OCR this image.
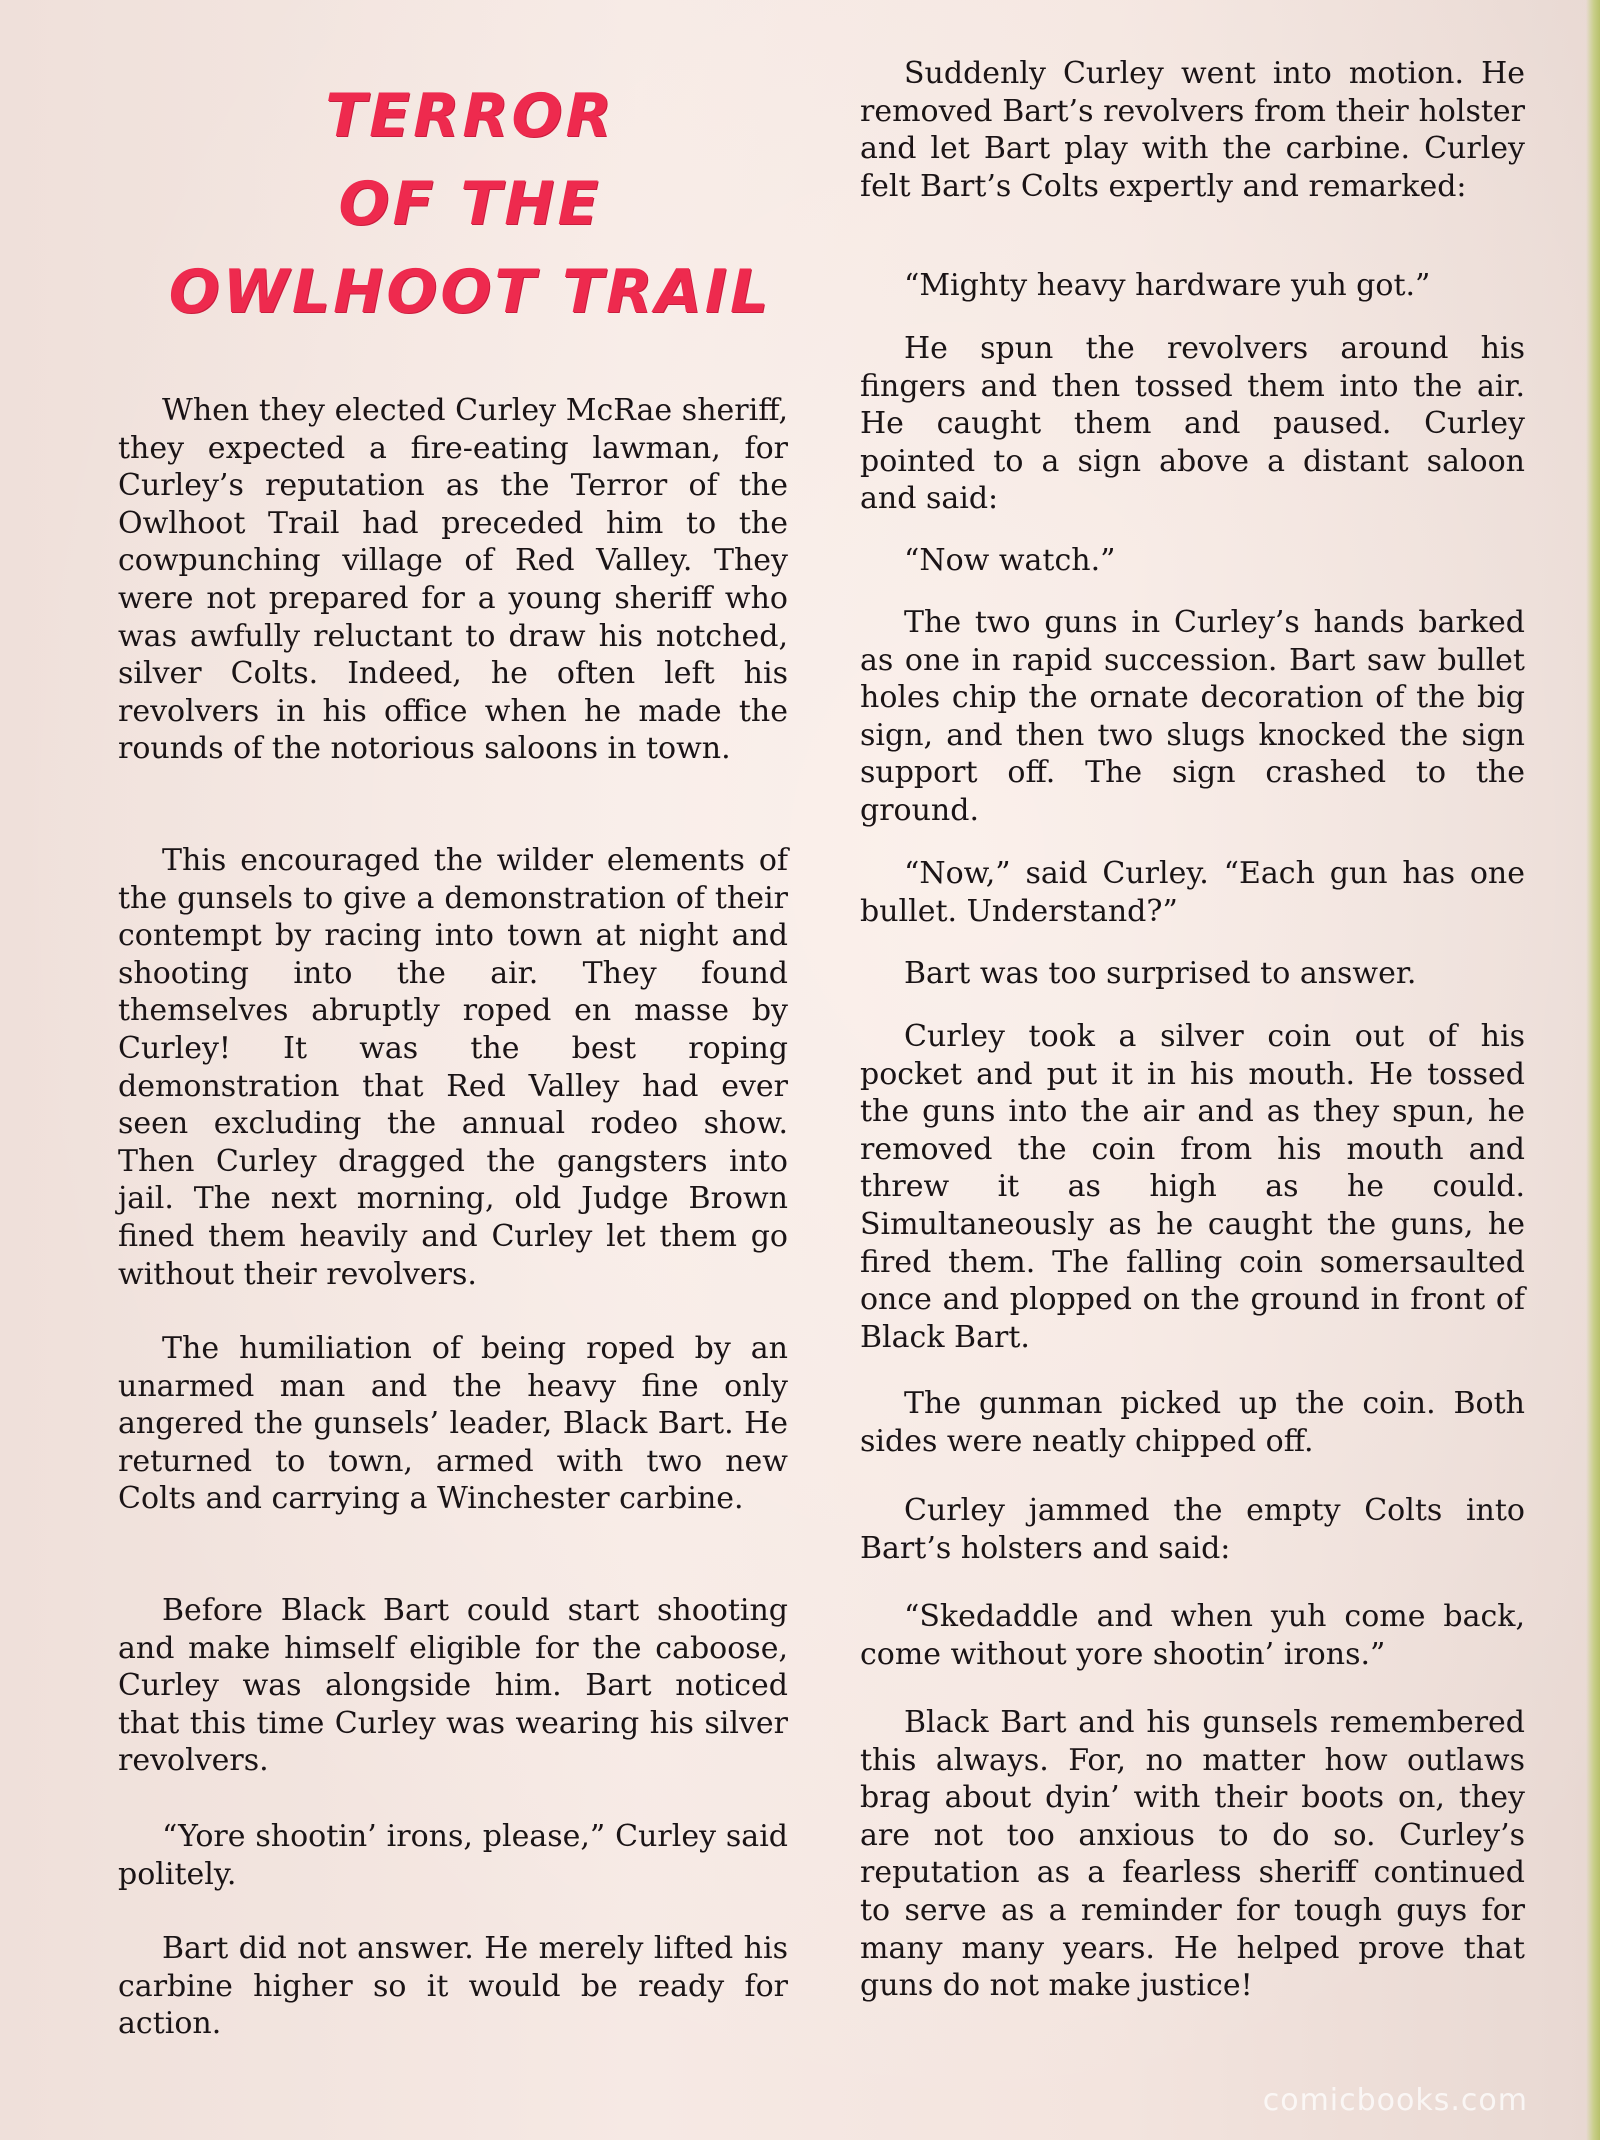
TERROR
OF THE
OWLHOOT TRAIL

When they elected Curley McRae sheriff, they expected a fire-eating lawman, for Curley’s reputation as the Terror of the Owlhoot Trail had preceded him to the cowpunching village of Red Valley. They were not prepared for a young sheriff who was awfully reluctant to draw his notched, silver Colts. Indeed, he often left his revolvers in his office when he made the rounds of the notorious saloons in town.

This encouraged the wilder elements of the gunsels to give a demonstration of their contempt by racing into town at night and shooting into the air. They found themselves abruptly roped en masse by Curley! It was the best roping demonstration that Red Valley had ever seen excluding the annual rodeo show. Then Curley dragged the gangsters into jail. The next morning, old Judge Brown fined them heavily and Curley let them go without their revolvers.

The humiliation of being roped by an unarmed man and the heavy fine only angered the gunsels’ leader, Black Bart. He returned to town, armed with two new Colts and carrying a Winchester carbine.

Before Black Bart could start shooting and make himself eligible for the caboose, Curley was alongside him. Bart noticed that this time Curley was wearing his silver revolvers.

“Yore shootin’ irons, please,” Curley said politely.

Bart did not answer. He merely lifted his carbine higher so it would be ready for action.

Suddenly Curley went into motion. He removed Bart’s revolvers from their holster and let Bart play with the carbine. Curley felt Bart’s Colts expertly and remarked:

“Mighty heavy hardware yuh got.”

He spun the revolvers around his fingers and then tossed them into the air. He caught them and paused. Curley pointed to a sign above a distant saloon and said:

“Now watch.”

The two guns in Curley’s hands barked as one in rapid succession. Bart saw bullet holes chip the ornate decoration of the big sign, and then two slugs knocked the sign support off. The sign crashed to the ground.

“Now,” said Curley. “Each gun has one bullet. Understand?”

Bart was too surprised to answer.

Curley took a silver coin out of his pocket and put it in his mouth. He tossed the guns into the air and as they spun, he removed the coin from his mouth and threw it as high as he could. Simultaneously as he caught the guns, he fired them. The falling coin somersaulted once and plopped on the ground in front of Black Bart.

The gunman picked up the coin. Both sides were neatly chipped off.

Curley jammed the empty Colts into Bart’s holsters and said:

“Skedaddle and when yuh come back, come without yore shootin’ irons.”

Black Bart and his gunsels remembered this always. For, no matter how outlaws brag about dyin’ with their boots on, they are not too anxious to do so. Curley’s reputation as a fearless sheriff continued to serve as a reminder for tough guys for many many years. He helped prove that guns do not make justice!

comicbooks.com
